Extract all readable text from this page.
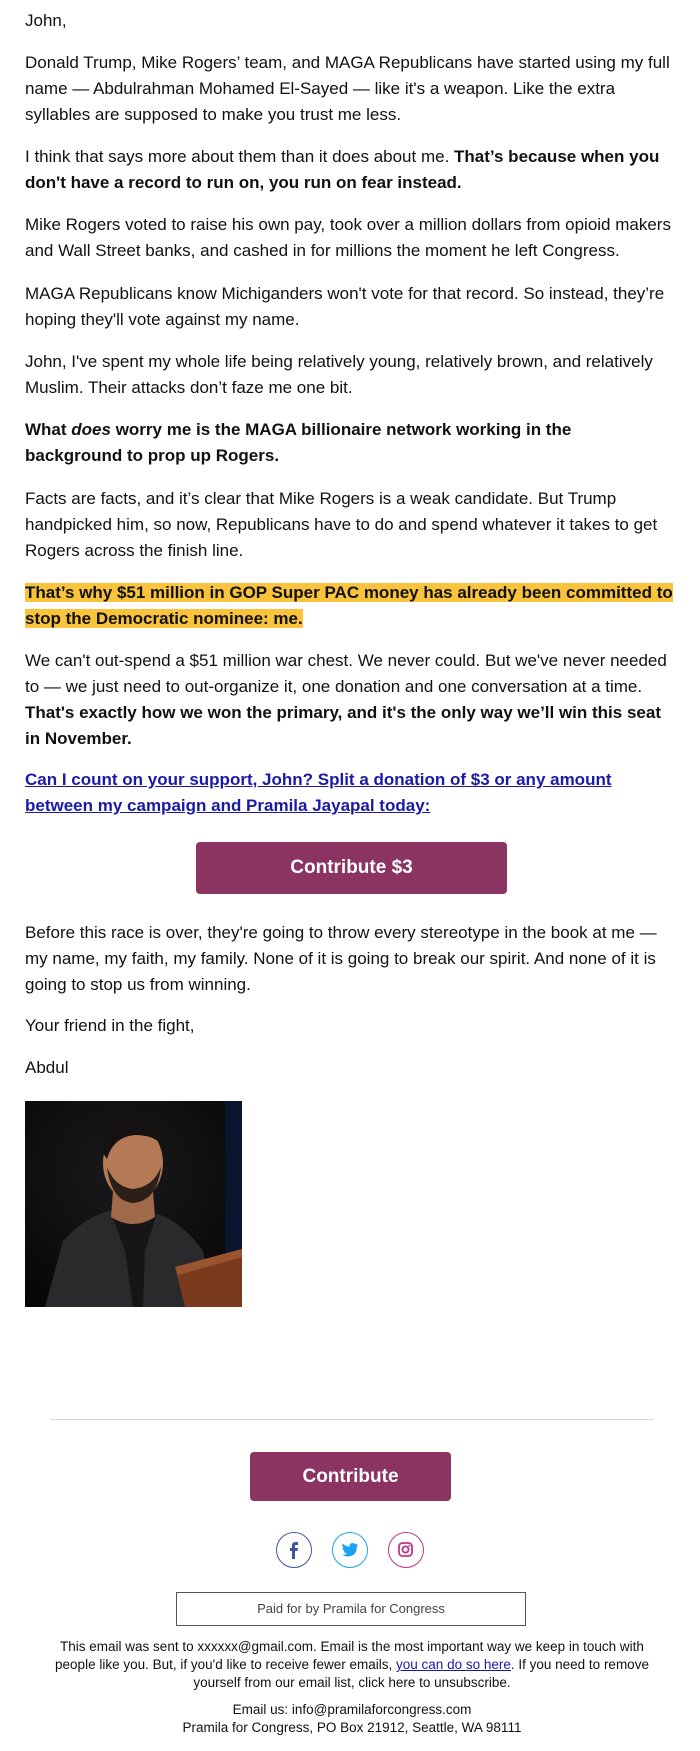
John,

Donald Trump, Mike Rogers’ team, and MAGA Republicans have started using my full name — Abdulrahman Mohamed El-Sayed — like it's a weapon. Like the extra syllables are supposed to make you trust me less.

I think that says more about them than it does about me. That’s because when you don't have a record to run on, you run on fear instead.

Mike Rogers voted to raise his own pay, took over a million dollars from opioid makers and Wall Street banks, and cashed in for millions the moment he left Congress.

MAGA Republicans know Michiganders won't vote for that record. So instead, they’re hoping they'll vote against my name.

John, I've spent my whole life being relatively young, relatively brown, and relatively Muslim. Their attacks don’t faze me one bit.

What does worry me is the MAGA billionaire network working in the background to prop up Rogers.

Facts are facts, and it’s clear that Mike Rogers is a weak candidate. But Trump handpicked him, so now, Republicans have to do and spend whatever it takes to get Rogers across the finish line.

That’s why $51 million in GOP Super PAC money has already been committed to stop the Democratic nominee: me.

We can't out-spend a $51 million war chest. We never could. But we've never needed to — we just need to out-organize it, one donation and one conversation at a time. That's exactly how we won the primary, and it's the only way we’ll win this seat in November.

Can I count on your support, John? Split a donation of $3 or any amount between my campaign and Pramila Jayapal today:

Contribute $3

Before this race is over, they're going to throw every stereotype in the book at me — my name, my faith, my family. None of it is going to break our spirit. And none of it is going to stop us from winning.

Your friend in the fight,

Abdul

Contribute
Paid for by Pramila for Congress

This email was sent to xxxxxx@gmail.com. Email is the most important way we keep in touch with people like you. But, if you'd like to receive fewer emails, you can do so here. If you need to remove yourself from our email list, click here to unsubscribe.

Email us: info@pramilaforcongress.com

Pramila for Congress, PO Box 21912, Seattle, WA 98111
